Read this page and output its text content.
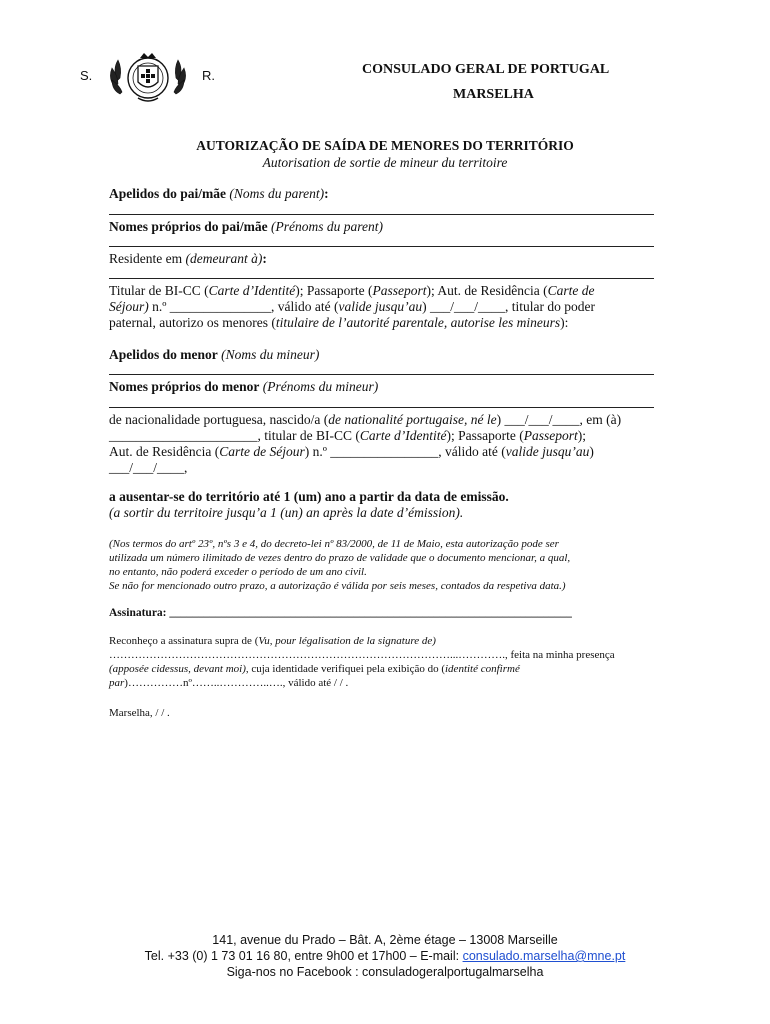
S.	R.	CONSULADO GERAL DE PORTUGAL
MARSELHA
AUTORIZAÇÃO DE SAÍDA DE MENORES DO TERRITÓRIO
Autorisation de sortie de mineur du territoire
Apelidos do pai/mãe (Noms du parent):
Nomes próprios do pai/mãe (Prénoms du parent)
Residente em (demeurant à):
Titular de BI-CC (Carte d’Identité); Passaporte (Passeport); Aut. de Residência (Carte de
Séjour) n.º _______________, válido até (valide jusqu’au) ___/___/____, titular do poder
paternal, autorizo os menores (titulaire de l’autorité parentale, autorise les mineurs):
Apelidos do menor (Noms du mineur)
Nomes próprios do menor (Prénoms du mineur)
de nacionalidade portuguesa, nascido/a (de nationalité portugaise, né le) ___/___/____, em (à)
______________________, titular de BI-CC (Carte d’Identité); Passaporte (Passeport);
Aut. de Residência (Carte de Séjour) n.º ________________, válido até (valide jusqu’au)
___/___/____,
a ausentar-se do território até 1 (um) ano a partir da data de emissão.
(a sortir du territoire jusqu’a 1 (un) an après la date d’émission).
(Nos termos do artº 23º, nºs 3 e 4, do decreto-lei nº 83/2000, de 11 de Maio, esta autorização pode ser
utilizada um número ilimitado de vezes dentro do prazo de validade que o documento mencionar, a qual,
no entanto, não poderá exceder o período de um ano civil.
Se não for mencionado outro prazo, a autorização é válida por seis meses, contados da respetiva data.)
Assinatura: ______________________________________________________________________
Reconheço a assinatura supra de (Vu, pour légalisation de la signature de)
…………………………………………………………………………………...…………., feita na minha presença
(apposée cidessus, devant moi), cuja identidade verifiquei pela exibição do (identité confirmé
par)……………nº……..…………..…., válido até / / .
Marselha, / / .
141, avenue du Prado – Bât. A, 2ème étage – 13008 Marseille
Tel. +33 (0) 1 73 01 16 80, entre 9h00 et 17h00 – E-mail: consulado.marselha@mne.pt
Siga-nos no Facebook : consuladogeralportugalmarselha
